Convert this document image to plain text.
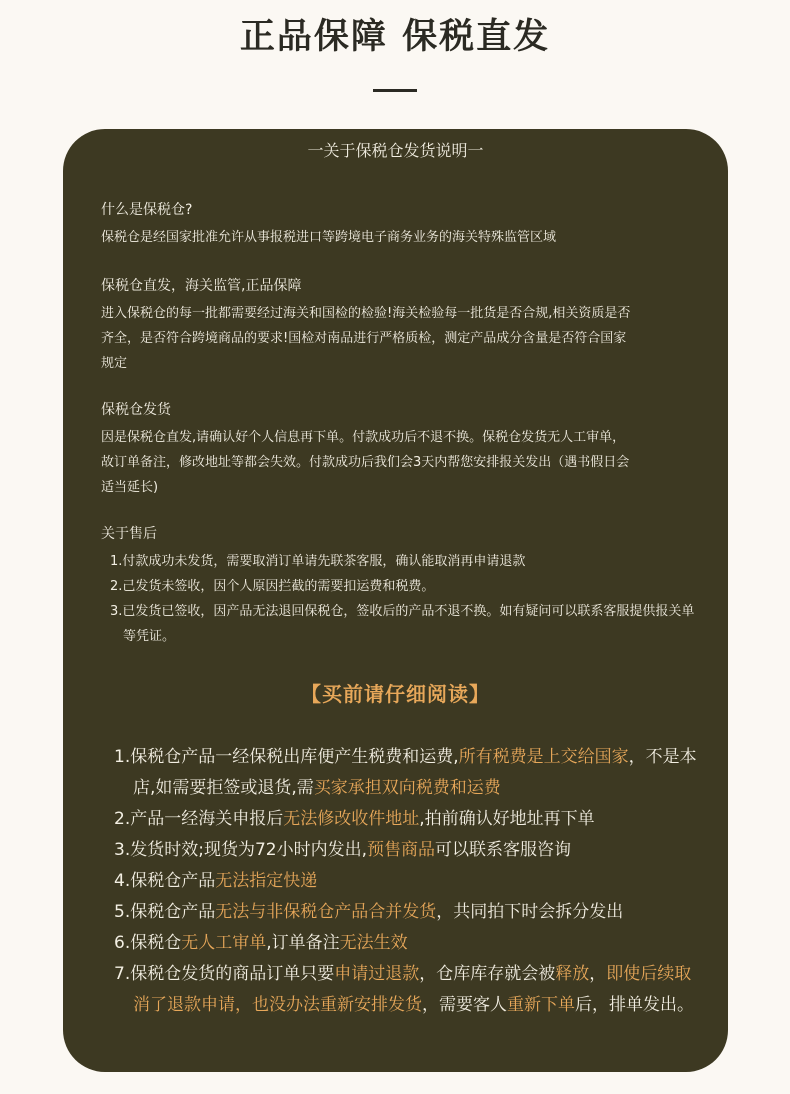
正品保障 保税直发
一关于保税仓发货说明一
什么是保税仓?
保税仓是经国家批准允许从事报税进口等跨境电子商务业务的海关特殊监管区域
保税仓直发，海关监管,正品保障
进入保税仓的每一批都需要经过海关和国检的检验!海关检验每一批货是否合规,相关资质是否
齐全，是否符合跨境商品的要求!国检对南品进行严格质检，测定产品成分含量是否符合国家
规定
保税仓发货
因是保税仓直发,请确认好个人信息再下单。付款成功后不退不换。保税仓发货无人工审单，
故订单备注，修改地址等都会失效。付款成功后我们会3天内帮您安排报关发出（遇书假日会
适当延长)
关于售后
1.付款成功未发货，需要取消订单请先联茶客服，确认能取消再申请退款
2.己发货未签收，因个人原因拦截的需要扣运费和税费。
3.已发货已签收，因产品无法退回保税仓，签收后的产品不退不换。如有疑问可以联系客服提供报关单等凭证。
【买前请仔细阅读】
1.保税仓产品一经保税出库便产生税费和运费,所有税费是上交给国家，不是本店,如需要拒签或退货,需买家承担双向税费和运费
2.产品一经海关申报后无法修改收件地址,拍前确认好地址再下单
3.发货时效;现货为72小时内发出,预售商品可以联系客服咨询
4.保税仓产品无法指定快递
5.保税仓产品无法与非保税仓产品合并发货，共同拍下时会拆分发出
6.保税仓无人工审单,订单备注无法生效
7.保税仓发货的商品订单只要申请过退款，仓库库存就会被释放，即使后续取消了退款申请，也没办法重新安排发货，需要客人重新下单后，排单发出。
